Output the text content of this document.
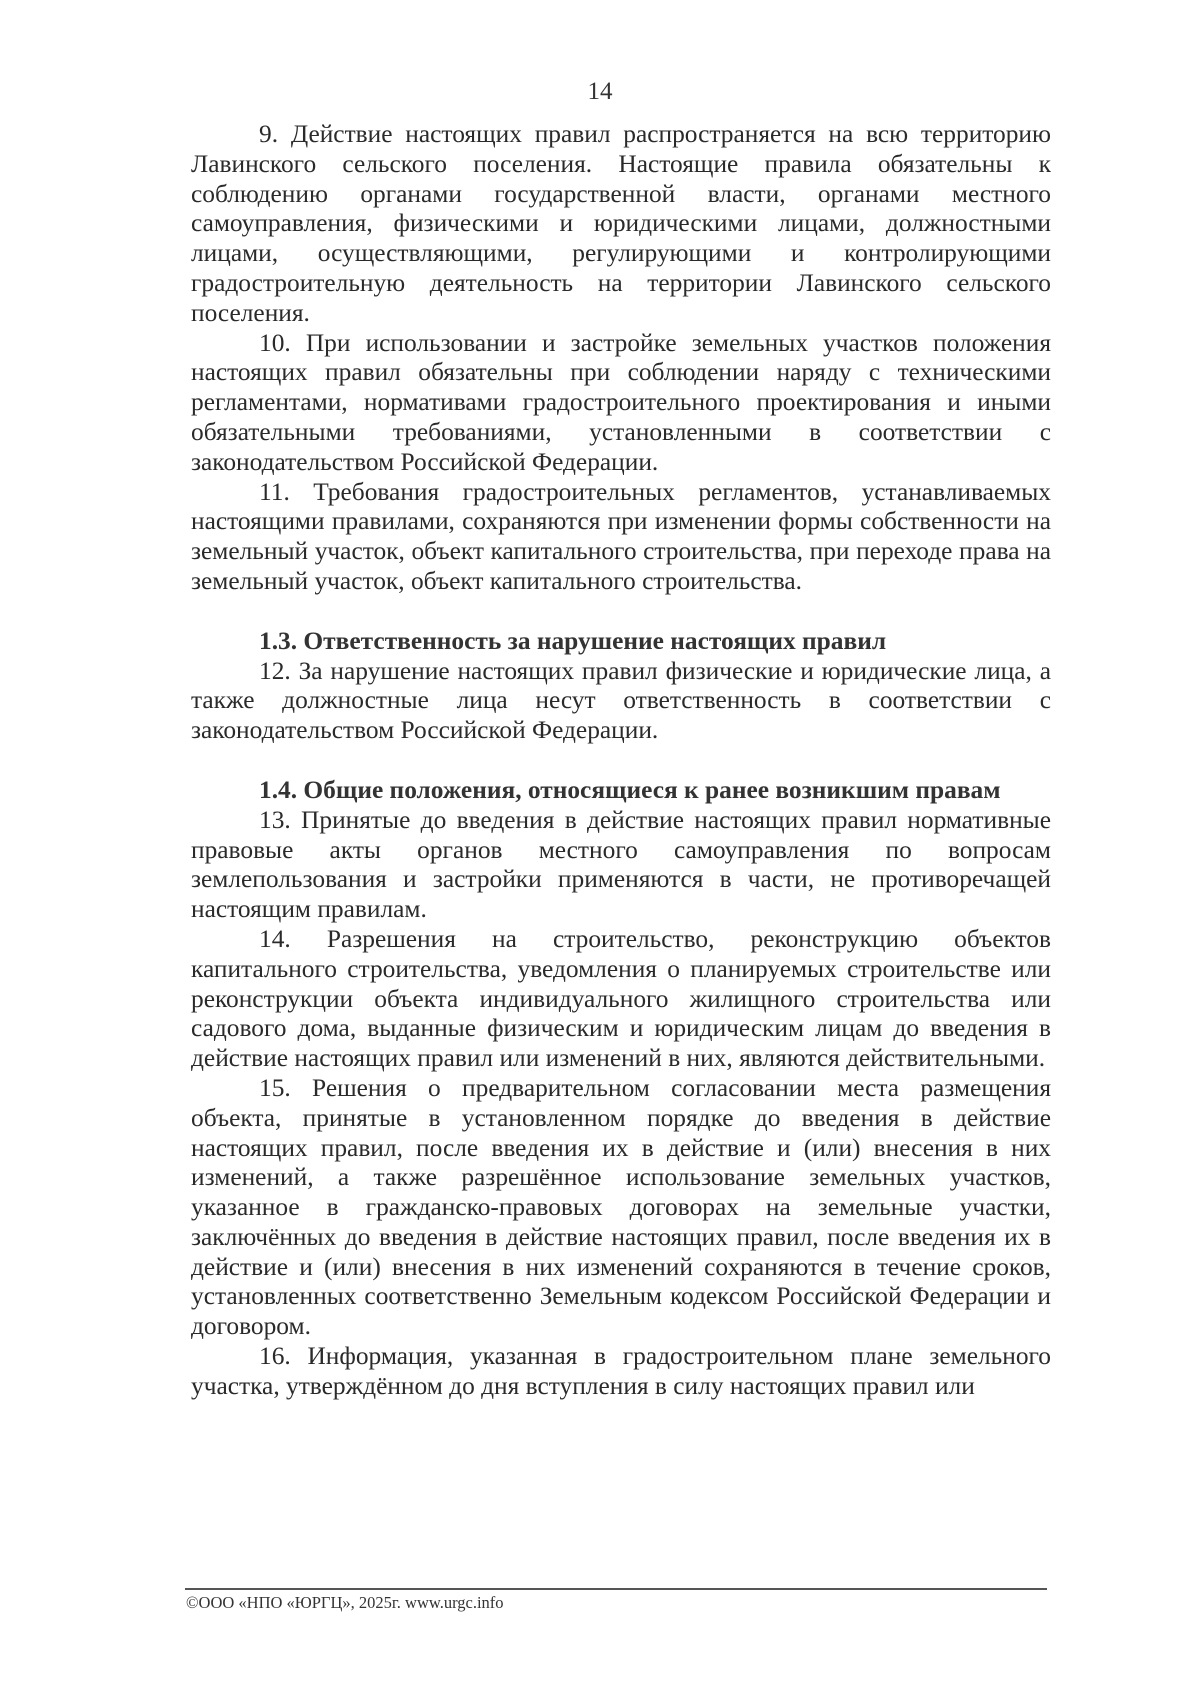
14

9. Действие настоящих правил распространяется на всю территорию Лавинского сельского поселения. Настоящие правила обязательны к соблюдению органами государственной власти, органами местного самоуправления, физическими и юридическими лицами, должностными лицами, осуществляющими, регулирующими и контролирующими градостроительную деятельность на территории Лавинского сельского поселения.

10. При использовании и застройке земельных участков положения настоящих правил обязательны при соблюдении наряду с техническими регламентами, нормативами градостроительного проектирования и иными обязательными требованиями, установленными в соответствии с законодательством Российской Федерации.

11. Требования градостроительных регламентов, устанавливаемых настоящими правилами, сохраняются при изменении формы собственности на земельный участок, объект капитального строительства, при переходе права на земельный участок, объект капитального строительства.

1.3. Ответственность за нарушение настоящих правил

12. За нарушение настоящих правил физические и юридические лица, а также должностные лица несут ответственность в соответствии с законодательством Российской Федерации.

1.4. Общие положения, относящиеся к ранее возникшим правам

13. Принятые до введения в действие настоящих правил нормативные правовые акты органов местного самоуправления по вопросам землепользования и застройки применяются в части, не противоречащей настоящим правилам.

14. Разрешения на строительство, реконструкцию объектов капитального строительства, уведомления о планируемых строительстве или реконструкции объекта индивидуального жилищного строительства или садового дома, выданные физическим и юридическим лицам до введения в действие настоящих правил или изменений в них, являются действительными.

15. Решения о предварительном согласовании места размещения объекта, принятые в установленном порядке до введения в действие настоящих правил, после введения их в действие и (или) внесения в них изменений, а также разрешённое использование земельных участков, указанное в гражданско-правовых договорах на земельные участки, заключённых до введения в действие настоящих правил, после введения их в действие и (или) внесения в них изменений сохраняются в течение сроков, установленных соответственно Земельным кодексом Российской Федерации и договором.

16. Информация, указанная в градостроительном плане земельного участка, утверждённом до дня вступления в силу настоящих правил или

©ООО «НПО «ЮРГЦ», 2025г. www.urgc.info
